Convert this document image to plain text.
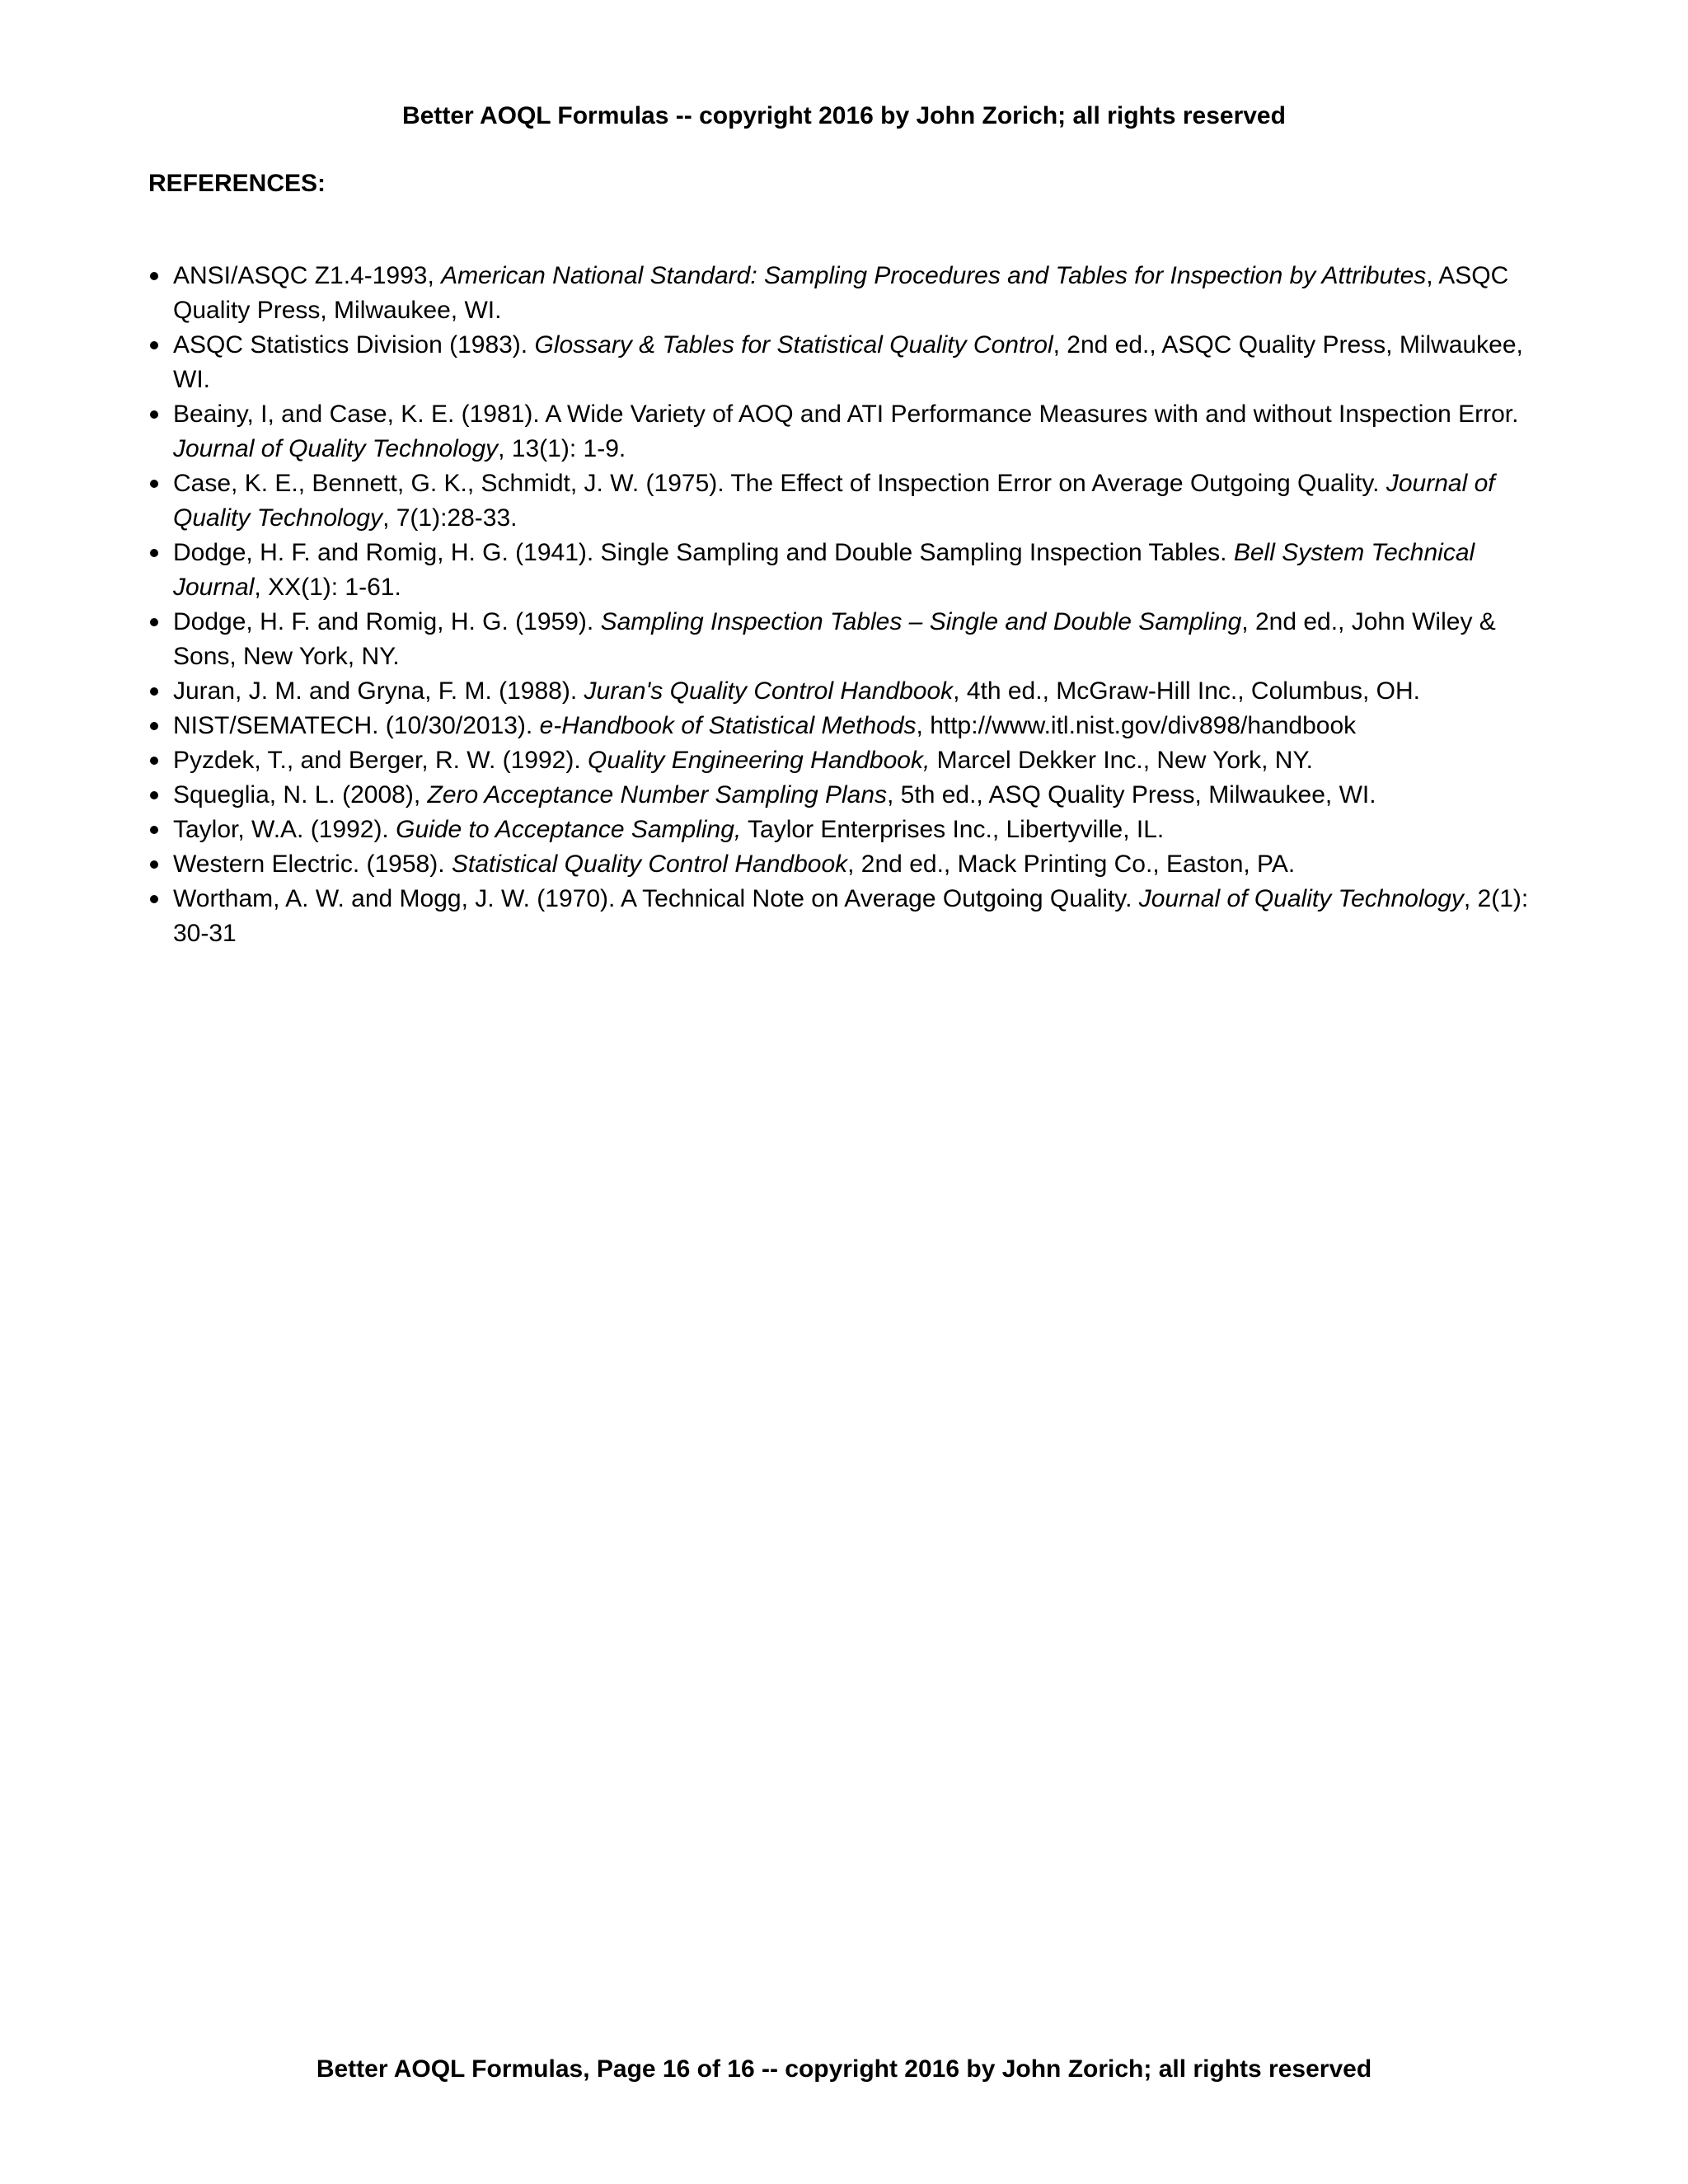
Better AOQL Formulas -- copyright 2016 by John Zorich; all rights reserved
REFERENCES:
ANSI/ASQC Z1.4-1993, American National Standard: Sampling Procedures and Tables for Inspection by Attributes, ASQC Quality Press, Milwaukee, WI.
ASQC Statistics Division (1983). Glossary & Tables for Statistical Quality Control, 2nd ed., ASQC Quality Press, Milwaukee, WI.
Beainy, I, and Case, K. E. (1981). A Wide Variety of AOQ and ATI Performance Measures with and without Inspection Error. Journal of Quality Technology, 13(1): 1-9.
Case, K. E., Bennett, G. K., Schmidt, J. W. (1975). The Effect of Inspection Error on Average Outgoing Quality. Journal of Quality Technology, 7(1):28-33.
Dodge, H. F. and Romig, H. G. (1941). Single Sampling and Double Sampling Inspection Tables. Bell System Technical Journal, XX(1): 1-61.
Dodge, H. F. and Romig, H. G. (1959). Sampling Inspection Tables – Single and Double Sampling, 2nd ed., John Wiley & Sons, New York, NY.
Juran, J. M. and Gryna, F. M. (1988). Juran's Quality Control Handbook, 4th ed., McGraw-Hill Inc., Columbus, OH.
NIST/SEMATECH. (10/30/2013). e-Handbook of Statistical Methods, http://www.itl.nist.gov/div898/handbook
Pyzdek, T., and Berger, R. W. (1992). Quality Engineering Handbook, Marcel Dekker Inc., New York, NY.
Squeglia, N. L. (2008), Zero Acceptance Number Sampling Plans, 5th ed., ASQ Quality Press, Milwaukee, WI.
Taylor, W.A. (1992). Guide to Acceptance Sampling, Taylor Enterprises Inc., Libertyville, IL.
Western Electric. (1958). Statistical Quality Control Handbook, 2nd ed., Mack Printing Co., Easton, PA.
Wortham, A. W. and Mogg, J. W. (1970). A Technical Note on Average Outgoing Quality. Journal of Quality Technology, 2(1): 30-31
Better AOQL Formulas, Page 16 of 16 -- copyright 2016 by John Zorich; all rights reserved
